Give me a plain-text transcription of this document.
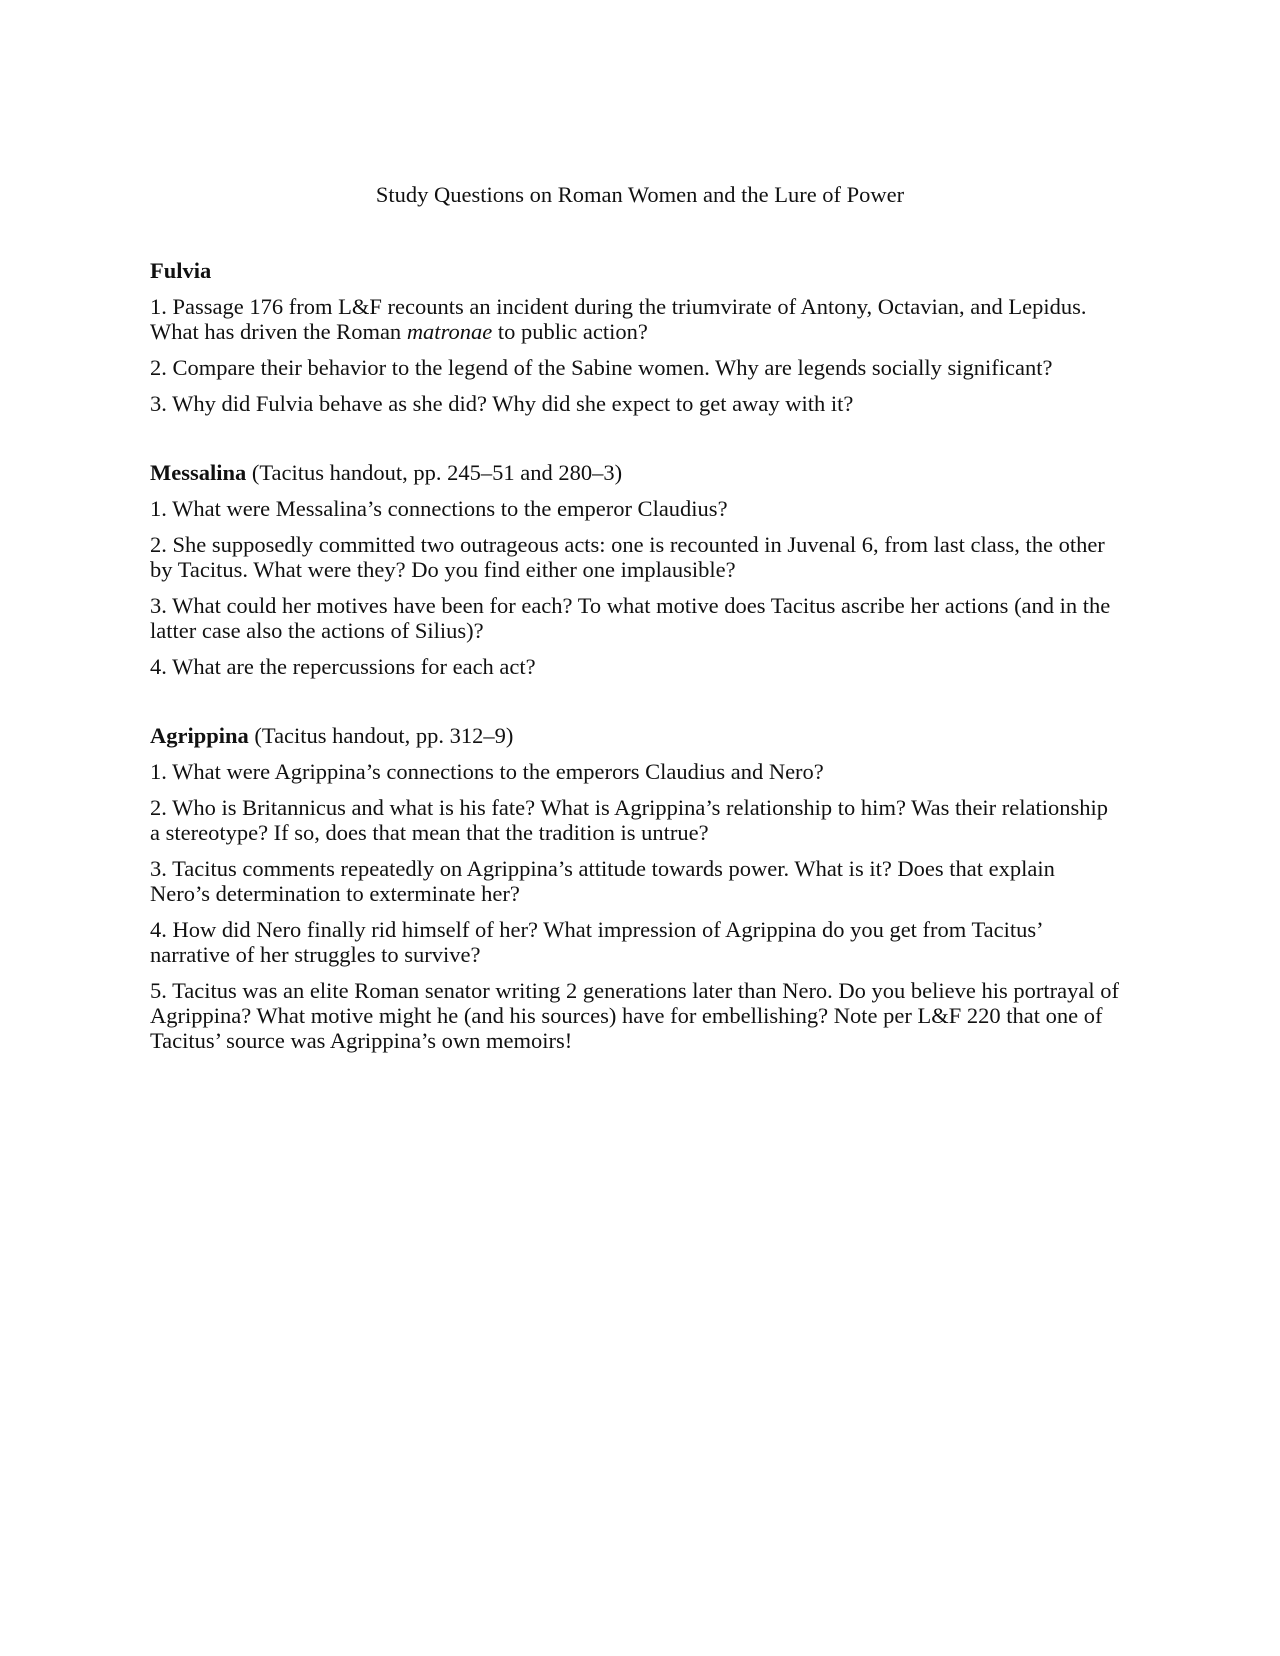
Study Questions on Roman Women and the Lure of Power

Fulvia

1. Passage 176 from L&F recounts an incident during the triumvirate of Antony, Octavian, and Lepidus. What has driven the Roman matronae to public action?

2. Compare their behavior to the legend of the Sabine women. Why are legends socially significant?

3. Why did Fulvia behave as she did? Why did she expect to get away with it?

Messalina (Tacitus handout, pp. 245–51 and 280–3)

1. What were Messalina’s connections to the emperor Claudius?

2. She supposedly committed two outrageous acts: one is recounted in Juvenal 6, from last class, the other by Tacitus. What were they? Do you find either one implausible?

3. What could her motives have been for each? To what motive does Tacitus ascribe her actions (and in the latter case also the actions of Silius)?

4. What are the repercussions for each act?

Agrippina (Tacitus handout, pp. 312–9)

1. What were Agrippina’s connections to the emperors Claudius and Nero?

2. Who is Britannicus and what is his fate? What is Agrippina’s relationship to him? Was their relationship a stereotype? If so, does that mean that the tradition is untrue?

3. Tacitus comments repeatedly on Agrippina’s attitude towards power. What is it? Does that explain Nero’s determination to exterminate her?

4. How did Nero finally rid himself of her? What impression of Agrippina do you get from Tacitus’ narrative of her struggles to survive?

5. Tacitus was an elite Roman senator writing 2 generations later than Nero. Do you believe his portrayal of Agrippina? What motive might he (and his sources) have for embellishing? Note per L&F 220 that one of Tacitus’ source was Agrippina’s own memoirs!
